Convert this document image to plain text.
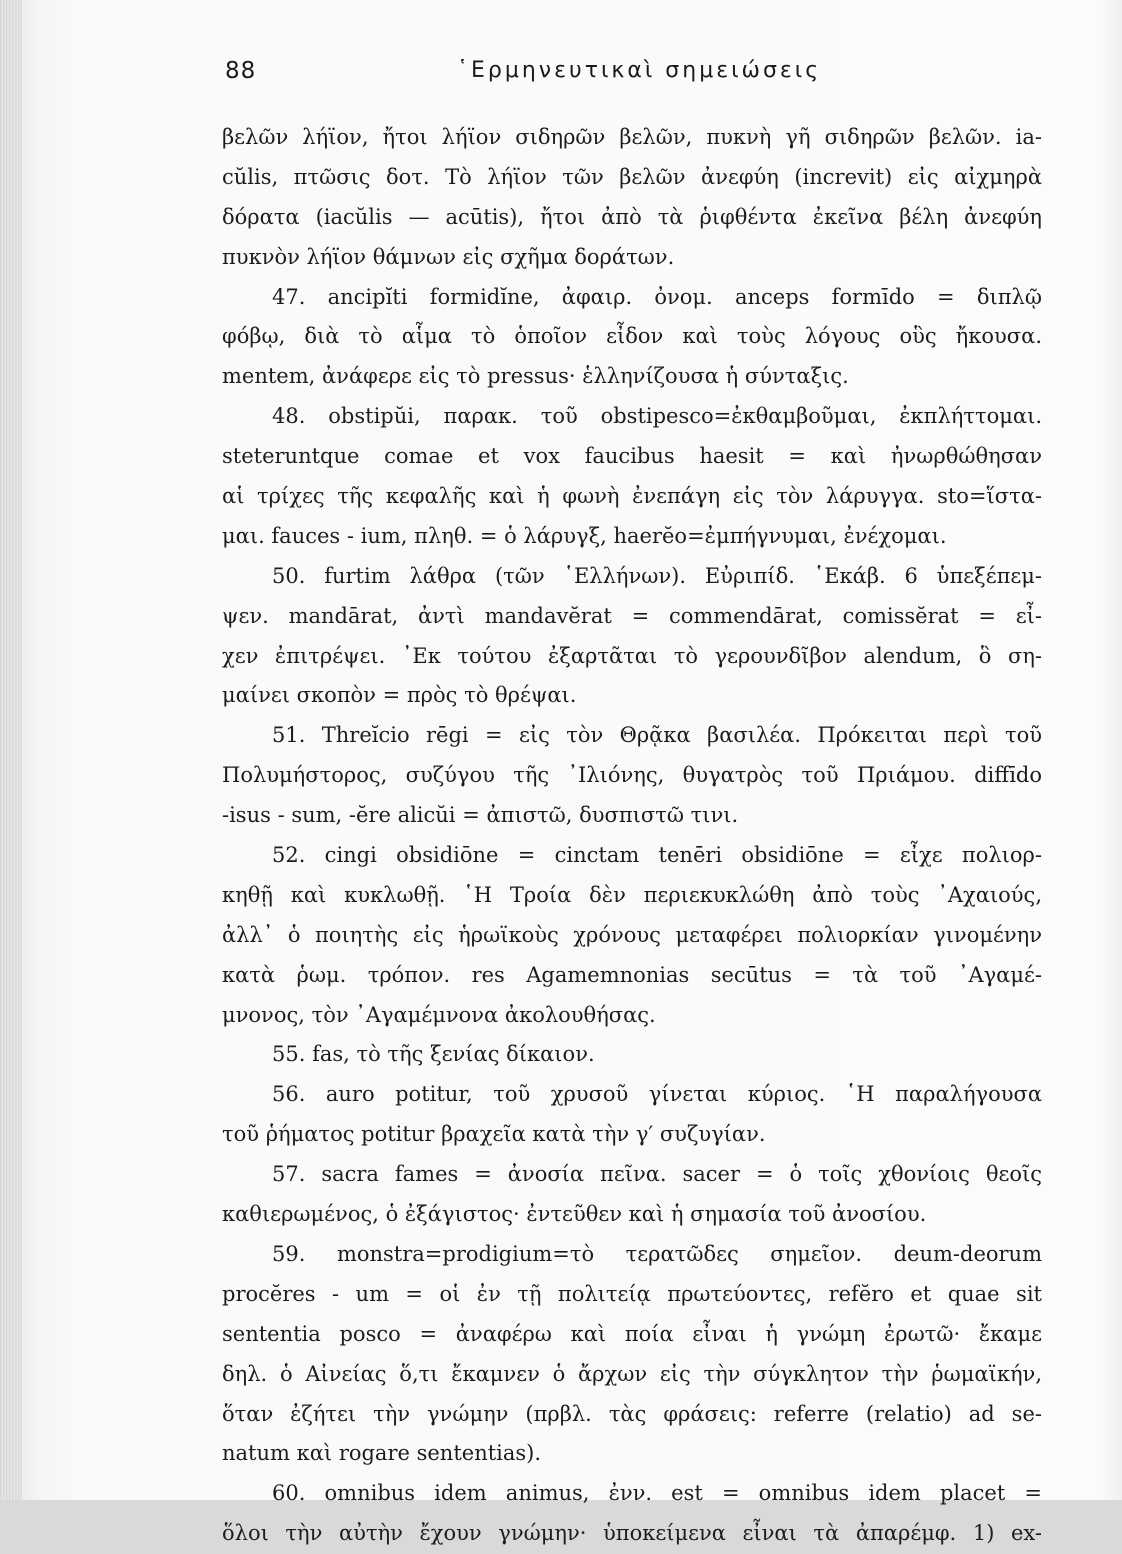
88	῾Ερμηνευτικαὶ σημειώσεις
βελῶν λήϊον, ἤτοι λήϊον σιδηρῶν βελῶν, πυκνὴ γῆ σιδηρῶν βελῶν. ia-
cŭlis, πτῶσις δοτ. Τὸ λήϊον τῶν βελῶν ἀνεφύη (increvit) εἰς αἰχμηρὰ
δόρατα (iacŭlis — acūtis), ἤτοι ἀπὸ τὰ ῥιφθέντα ἐκεῖνα βέλη ἀνεφύη
πυκνὸν λήϊον θάμνων εἰς σχῆμα δοράτων.
47. ancipĭti formidĭne, ἀφαιρ. ὀνομ. anceps formīdo = διπλῷ
φόβῳ, διὰ τὸ αἷμα τὸ ὁποῖον εἶδον καὶ τοὺς λόγους οὓς ἤκουσα.
mentem, ἀνάφερε εἰς τὸ pressus· ἑλληνίζουσα ἡ σύνταξις.
48. obstipŭi, παρακ. τοῦ obstipesco=ἐκθαμβοῦμαι, ἐκπλήττομαι.
steteruntque comae et vox faucibus haesit = καὶ ἠνωρθώθησαν
αἱ τρίχες τῆς κεφαλῆς καὶ ἡ φωνὴ ἐνεπάγη εἰς τὸν λάρυγγα. sto=ἵστα-
μαι. fauces - ium, πληθ. = ὁ λάρυγξ, haerĕo=ἐμπήγνυμαι, ἐνέχομαι.
50. furtim λάθρα (τῶν ῾Ελλήνων). Εὐριπίδ. ῾Εκάβ. 6 ὑπεξέπεμ-
ψεν. mandārat, ἀντὶ mandavĕrat = commendārat, comissĕrat = εἶ-
χεν ἐπιτρέψει. ᾿Εκ τούτου ἐξαρτᾶται τὸ γερουνδῖβον alendum, ὃ ση-
μαίνει σκοπὸν = πρὸς τὸ θρέψαι.
51. Threĭcio rēgi = εἰς τὸν Θρᾷκα βασιλέα. Πρόκειται περὶ τοῦ
Πολυμήστορος, συζύγου τῆς ᾿Ιλιόνης, θυγατρὸς τοῦ Πριάμου. diffīdo
-isus - sum, -ĕre alicŭi = ἀπιστῶ, δυσπιστῶ τινι.
52. cingi obsidiōne = cinctam tenēri obsidiōne = εἶχε πολιορ-
κηθῇ καὶ κυκλωθῇ. ῾Η Τροία δὲν περιεκυκλώθη ἀπὸ τοὺς ᾿Αχαιούς,
ἀλλ᾿ ὁ ποιητὴς εἰς ἡρωϊκοὺς χρόνους μεταφέρει πολιορκίαν γινομένην
κατὰ ῥωμ. τρόπον. res Agamemnonias secūtus = τὰ τοῦ ᾿Αγαμέ-
μνονος, τὸν ᾿Αγαμέμνονα ἀκολουθήσας.
55. fas, τὸ τῆς ξενίας δίκαιον.
56. auro potitur, τοῦ χρυσοῦ γίνεται κύριος. ῾Η παραλήγουσα
τοῦ ῥήματος potitur βραχεῖα κατὰ τὴν γ′ συζυγίαν.
57. sacra fames = ἀνοσία πεῖνα. sacer = ὁ τοῖς χθονίοις θεοῖς
καθιερωμένος, ὁ ἐξάγιστος· ἐντεῦθεν καὶ ἡ σημασία τοῦ ἀνοσίου.
59. monstra=prodigium=τὸ τερατῶδες σημεῖον. deum-deorum
procĕres - um = οἱ ἐν τῇ πολιτείᾳ πρωτεύοντες, refĕro et quae sit
sententia posco = ἀναφέρω καὶ ποία εἶναι ἡ γνώμη ἐρωτῶ· ἔκαμε
δηλ. ὁ Αἰνείας ὅ,τι ἔκαμνεν ὁ ἄρχων εἰς τὴν σύγκλητον τὴν ῥωμαϊκήν,
ὅταν ἐζήτει τὴν γνώμην (πρβλ. τὰς φράσεις: referre (relatio) ad se-
natum καὶ rogare sententias).
60. omnibus idem animus, ἐνν. est = omnibus idem placet =
ὅλοι τὴν αὐτὴν ἔχουν γνώμην· ὑποκείμενα εἶναι τὰ ἀπαρέμφ. 1) ex-
